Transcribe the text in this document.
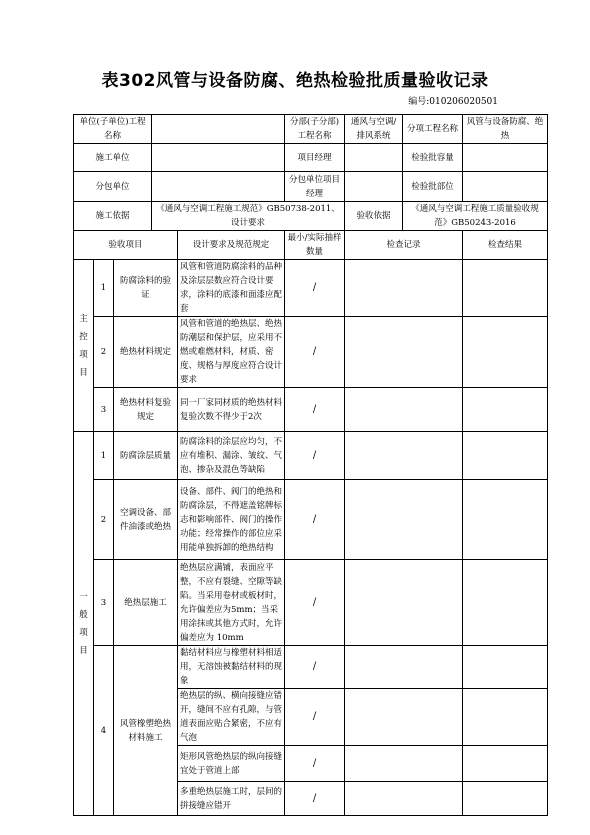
表302风管与设备防腐、绝热检验批质量验收记录
编号:010206020501
单位(子单位)工程名称					分部(子分部)工程名称	通风与空调/排风系统	分项工程名称	风管与设备防腐、绝热
施工单位					项目经理		检验批容量	
分包单位					分包单位项目经理		检验批部位	
施工依据			《通风与空调工程施工规范》GB50738-2011、设计要求			验收依据	《通风与空调工程施工质量验收规范》GB50243-2016	
验收项目				设计要求及规范规定	最小/实际抽样数量	检查记录		检查结果
主控项目	1	防腐涂料的验证		风管和管道防腐涂料的品种及涂层层数应符合设计要求，涂料的底漆和面漆应配套	/			
	2	绝热材料规定		风管和管道的绝热层、绝热防潮层和保护层，应采用不燃或难燃材料，材质、密度、规格与厚度应符合设计要求	/			
	3	绝热材料复验规定		同一厂家同材质的绝热材料复验次数不得少于2次	/			
一般项目	1	防腐涂层质量		防腐涂料的涂层应均匀，不应有堆积、漏涂、皱纹、气泡、掺杂及混色等缺陷	/			
	2	空调设备、部件油漆或绝热		设备、部件、阀门的绝热和防腐涂层，不得遮盖铭牌标志和影响部件、阀门的操作功能；经常操作的部位应采用能单独拆卸的绝热结构	/			
	3	绝热层施工		绝热层应满铺，表面应平整，不应有裂缝、空隙等缺陷。当采用卷材或板材时，允许偏差应为5mm；当采用涂抹或其他方式时，允许偏差应为 10mm	/			
	4	风管橡塑绝热材料施工		黏结材料应与橡塑材料相适用，无溶蚀被黏结材料的现象	/			
				绝热层的纵、横向接缝应错开，缝间不应有孔隙，与管道表面应贴合紧密，不应有气泡	/			
				矩形风管绝热层的纵向接缝宜处于管道上部	/			
				多重绝热层施工时，层间的拼接缝应错开	/			
